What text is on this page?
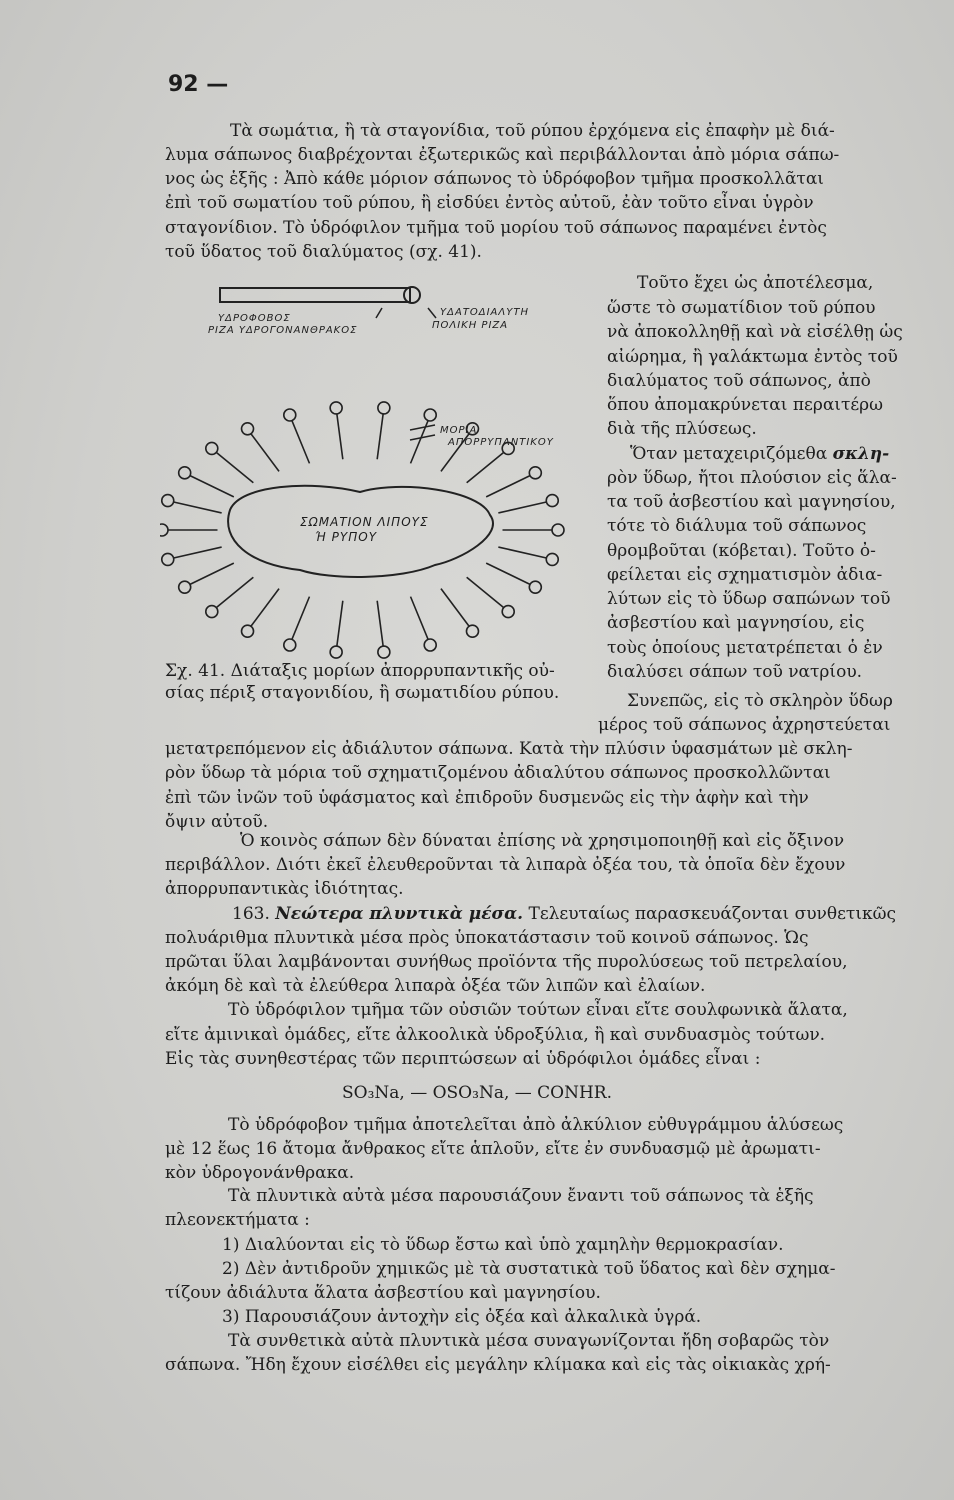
92 —
Τὰ σωμάτια, ἢ τὰ σταγονίδια, τοῦ ρύπου ἐρχόμενα εἰς ἐπαφὴν μὲ διά-
λυμα σάπωνος διαβρέχονται ἐξωτερικῶς καὶ περιβάλλονται ἀπὸ μόρια σάπω-
νος ὡς ἑξῆς : Ἀπὸ κάθε μόριον σάπωνος τὸ ὑδρόφοβον τμῆμα προσκολλᾶται
ἐπὶ τοῦ σωματίου τοῦ ρύπου, ἢ εἰσδύει ἐντὸς αὐτοῦ, ἐὰν τοῦτο εἶναι ὑγρὸν
σταγονίδιον. Τὸ ὑδρόφιλον τμῆμα τοῦ μορίου τοῦ σάπωνος παραμένει ἐντὸς
τοῦ ὕδατος τοῦ διαλύματος (σχ. 41).
ΥΔΡΟΦΟΒΟΣ
ΡΙΖΑ ΥΔΡΟΓΟΝΑΝΘΡΑΚΟΣ
ΥΔΑΤΟΔΙΑΛΥΤΗ
ΠΟΛΙΚΗ ΡΙΖΑ
ΜΟΡΙΑ
ΑΠΟΡΡΥΠΑΝΤΙΚΟΥ
ΣΩΜΑΤΙΟΝ ΛΙΠΟΥΣ
Ή ΡΥΠΟΥ
Σχ. 41. Διάταξις μορίων ἀπορρυπαντικῆς οὐ-
σίας πέριξ σταγονιδίου, ἢ σωματιδίου ρύπου.
Τοῦτο ἔχει ὡς ἀποτέλεσμα,
ὥστε τὸ σωματίδιον τοῦ ρύπου
νὰ ἀποκολληθῇ καὶ νὰ εἰσέλθῃ ὡς
αἰώρημα, ἢ γαλάκτωμα ἐντὸς τοῦ
διαλύματος τοῦ σάπωνος, ἀπὸ
ὅπου ἀπομακρύνεται περαιτέρω
διὰ τῆς πλύσεως.
Ὅταν μεταχειριζόμεθα σκλη-
ρὸν ὕδωρ, ἤτοι πλούσιον εἰς ἅλα-
τα τοῦ ἀσβεστίου καὶ μαγνησίου,
τότε τὸ διάλυμα τοῦ σάπωνος
θρομβοῦται (κόβεται). Τοῦτο ὀ-
φείλεται εἰς σχηματισμὸν ἀδια-
λύτων εἰς τὸ ὕδωρ σαπώνων τοῦ
ἀσβεστίου καὶ μαγνησίου, εἰς
τοὺς ὁποίους μετατρέπεται ὁ ἐν
διαλύσει σάπων τοῦ νατρίου.
Συνεπῶς, εἰς τὸ σκληρὸν ὕδωρ
μέρος τοῦ σάπωνος ἀχρηστεύεται
μετατρεπόμενον εἰς ἀδιάλυτον σάπωνα. Κατὰ τὴν πλύσιν ὑφασμάτων μὲ σκλη-
ρὸν ὕδωρ τὰ μόρια τοῦ σχηματιζομένου ἀδιαλύτου σάπωνος προσκολλῶνται
ἐπὶ τῶν ἰνῶν τοῦ ὑφάσματος καὶ ἐπιδροῦν δυσμενῶς εἰς τὴν ἁφὴν καὶ τὴν
ὄψιν αὐτοῦ.
Ὁ κοινὸς σάπων δὲν δύναται ἐπίσης νὰ χρησιμοποιηθῇ καὶ εἰς ὄξινον
περιβάλλον. Διότι ἐκεῖ ἐλευθεροῦνται τὰ λιπαρὰ ὀξέα του, τὰ ὁποῖα δὲν ἔχουν
ἀπορρυπαντικὰς ἰδιότητας.
163. Νεώτερα πλυντικὰ μέσα. Τελευταίως παρασκευάζονται συνθετικῶς
πολυάριθμα πλυντικὰ μέσα πρὸς ὑποκατάστασιν τοῦ κοινοῦ σάπωνος. Ὡς
πρῶται ὕλαι λαμβάνονται συνήθως προϊόντα τῆς πυρολύσεως τοῦ πετρελαίου,
ἀκόμη δὲ καὶ τὰ ἐλεύθερα λιπαρὰ ὀξέα τῶν λιπῶν καὶ ἐλαίων.
Τὸ ὑδρόφιλον τμῆμα τῶν οὐσιῶν τούτων εἶναι εἴτε σουλφωνικὰ ἅλατα,
εἴτε ἀμινικαὶ ὁμάδες, εἴτε ἀλκοολικὰ ὑδροξύλια, ἢ καὶ συνδυασμὸς τούτων.
Εἰς τὰς συνηθεστέρας τῶν περιπτώσεων αἱ ὑδρόφιλοι ὁμάδες εἶναι :
SO₃Na, — OSO₃Na, — CONHR.
Τὸ ὑδρόφοβον τμῆμα ἀποτελεῖται ἀπὸ ἀλκύλιον εὐθυγράμμου ἁλύσεως
μὲ 12 ἕως 16 ἄτομα ἄνθρακος εἴτε ἁπλοῦν, εἴτε ἐν συνδυασμῷ μὲ ἀρωματι-
κὸν ὑδρογονάνθρακα.
Τὰ πλυντικὰ αὐτὰ μέσα παρουσιάζουν ἔναντι τοῦ σάπωνος τὰ ἑξῆς
πλεονεκτήματα :
1) Διαλύονται εἰς τὸ ὕδωρ ἔστω καὶ ὑπὸ χαμηλὴν θερμοκρασίαν.
2) Δὲν ἀντιδροῦν χημικῶς μὲ τὰ συστατικὰ τοῦ ὕδατος καὶ δὲν σχημα-
τίζουν ἀδιάλυτα ἅλατα ἀσβεστίου καὶ μαγνησίου.
3) Παρουσιάζουν ἀντοχὴν εἰς ὀξέα καὶ ἀλκαλικὰ ὑγρά.
Τὰ συνθετικὰ αὐτὰ πλυντικὰ μέσα συναγωνίζονται ἤδη σοβαρῶς τὸν
σάπωνα. Ἤδη ἔχουν εἰσέλθει εἰς μεγάλην κλίμακα καὶ εἰς τὰς οἰκιακὰς χρή-
